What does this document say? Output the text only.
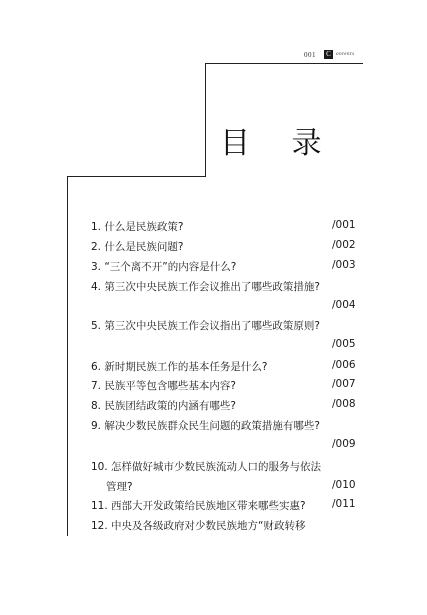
001	C	ontents
目 录
1. 什么是民族政策?	/001
2. 什么是民族问题?	/002
3. “三个离不开”的内容是什么?	/003
4. 第三次中央民族工作会议推出了哪些政策措施?
/004
5. 第三次中央民族工作会议指出了哪些政策原则?
/005
6. 新时期民族工作的基本任务是什么?	/006
7. 民族平等包含哪些基本内容?	/007
8. 民族团结政策的内涵有哪些?	/008
9. 解决少数民族群众民生问题的政策措施有哪些?
/009
10. 怎样做好城市少数民族流动人口的服务与依法
管理?	/010
11. 西部大开发政策给民族地区带来哪些实惠?	/011
12. 中央及各级政府对少数民族地方“财政转移
